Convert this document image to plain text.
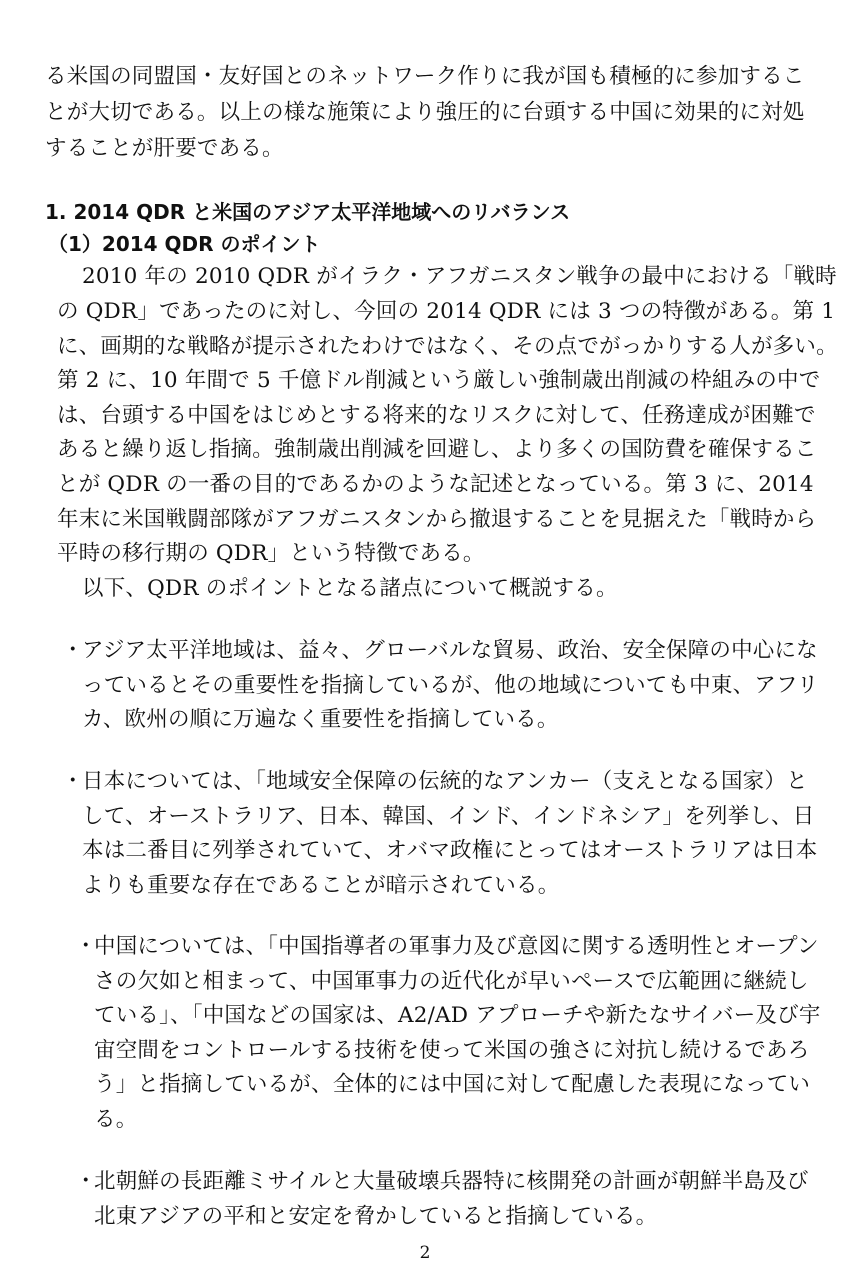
る米国の同盟国・友好国とのネットワーク作りに我が国も積極的に参加するこ
とが大切である。以上の様な施策により強圧的に台頭する中国に効果的に対処
することが肝要である。
1. 2014 QDR と米国のアジア太平洋地域へのリバランス
（1）2014 QDR のポイント
2010 年の 2010 QDR がイラク・アフガニスタン戦争の最中における「戦時
の QDR」であったのに対し、今回の 2014 QDR には 3 つの特徴がある。第 1
に、画期的な戦略が提示されたわけではなく、その点でがっかりする人が多い。
第 2 に、10 年間で 5 千億ドル削減という厳しい強制歳出削減の枠組みの中で
は、台頭する中国をはじめとする将来的なリスクに対して、任務達成が困難で
あると繰り返し指摘。強制歳出削減を回避し、より多くの国防費を確保するこ
とが QDR の一番の目的であるかのような記述となっている。第 3 に、2014
年末に米国戦闘部隊がアフガニスタンから撤退することを見据えた「戦時から
平時の移行期の QDR」という特徴である。
以下、QDR のポイントとなる諸点について概説する。
・
アジア太平洋地域は、益々、グローバルな貿易、政治、安全保障の中心にな
っているとその重要性を指摘しているが、他の地域についても中東、アフリ
カ、欧州の順に万遍なく重要性を指摘している。
・
日本については、「地域安全保障の伝統的なアンカー（支えとなる国家）と
して、オーストラリア、日本、韓国、インド、インドネシア」を列挙し、日
本は二番目に列挙されていて、オバマ政権にとってはオーストラリアは日本
よりも重要な存在であることが暗示されている。
・
中国については、「中国指導者の軍事力及び意図に関する透明性とオープン
さの欠如と相まって、中国軍事力の近代化が早いペースで広範囲に継続し
ている」、「中国などの国家は、A2/AD アプローチや新たなサイバー及び宇
宙空間をコントロールする技術を使って米国の強さに対抗し続けるであろ
う」と指摘しているが、全体的には中国に対して配慮した表現になってい
る。
・
北朝鮮の長距離ミサイルと大量破壊兵器特に核開発の計画が朝鮮半島及び
北東アジアの平和と安定を脅かしていると指摘している。
2
